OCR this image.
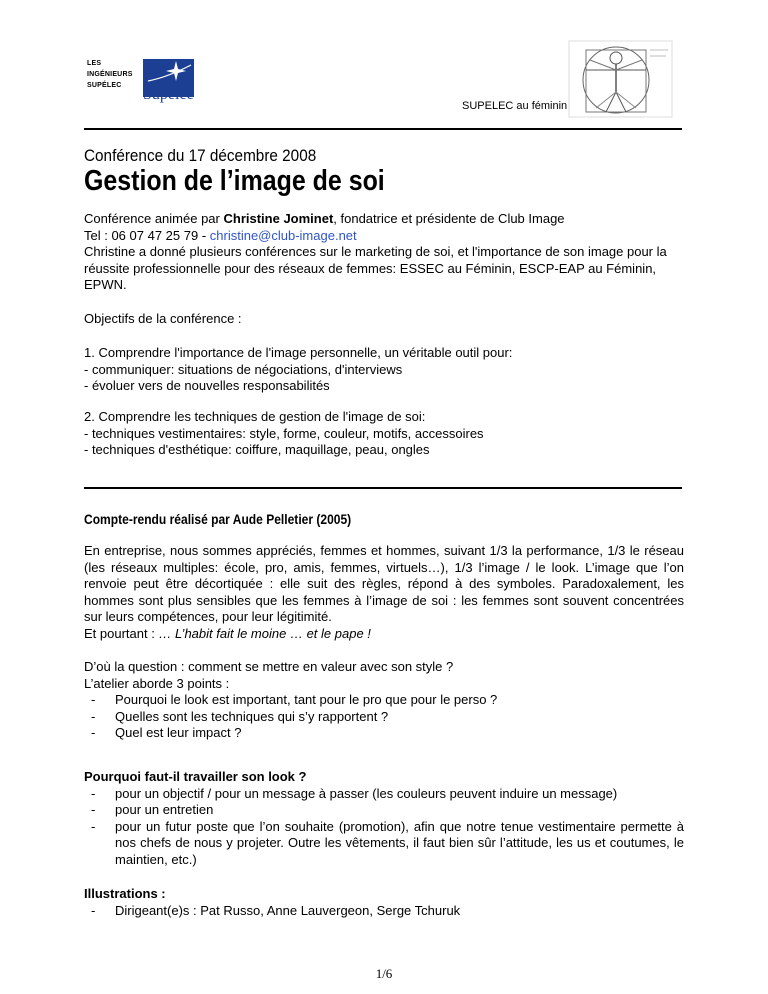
LES
INGÉNIEURS
SUPÉLEC
Supélec
SUPELEC au féminin
Conférence du 17 décembre 2008
Gestion de l’image de soi

Conférence animée par Christine Jominet, fondatrice et présidente de Club Image

Tel : 06 07 47 25 79 - christine@club-image.net

Christine a donné plusieurs conférences sur le marketing de soi, et l'importance de son image pour la réussite professionnelle pour des réseaux de femmes: ESSEC au Féminin, ESCP-EAP au Féminin, EPWN.

Objectifs de la conférence :

1. Comprendre l'importance de l'image personnelle, un véritable outil pour:

- communiquer: situations de négociations, d'interviews

- évoluer vers de nouvelles responsabilités

2. Comprendre les techniques de gestion de l'image de soi:

- techniques vestimentaires: style, forme, couleur, motifs, accessoires

- techniques d'esthétique: coiffure, maquillage, peau, ongles

Compte-rendu réalisé par Aude Pelletier (2005)

En entreprise, nous sommes appréciés, femmes et hommes, suivant 1/3 la performance, 1/3 le réseau (les réseaux multiples: école, pro, amis, femmes, virtuels…), 1/3 l’image / le look. L’image que l’on renvoie peut être décortiquée : elle suit des règles, répond à des symboles. Paradoxalement, les hommes sont plus sensibles que les femmes à l’image de soi : les femmes sont souvent concentrées sur leurs compétences, pour leur légitimité.

Et pourtant : … L’habit fait le moine … et le pape !

D’où la question : comment se mettre en valeur avec son style ?

L’atelier aborde 3 points :

- Pourquoi le look est important, tant pour le pro que pour le perso ?
- Quelles sont les techniques qui s’y rapportent ?
- Quel est leur impact ?

Pourquoi faut-il travailler son look ?

- pour un objectif / pour un message à passer (les couleurs peuvent induire un message)
- pour un entretien
- pour un futur poste que l’on souhaite (promotion), afin que notre tenue vestimentaire permette à nos chefs de nous y projeter. Outre les vêtements, il faut bien sûr l’attitude, les us et coutumes, le maintien, etc.)

Illustrations :

- Dirigeant(e)s : Pat Russo, Anne Lauvergeon, Serge Tchuruk
1/6
